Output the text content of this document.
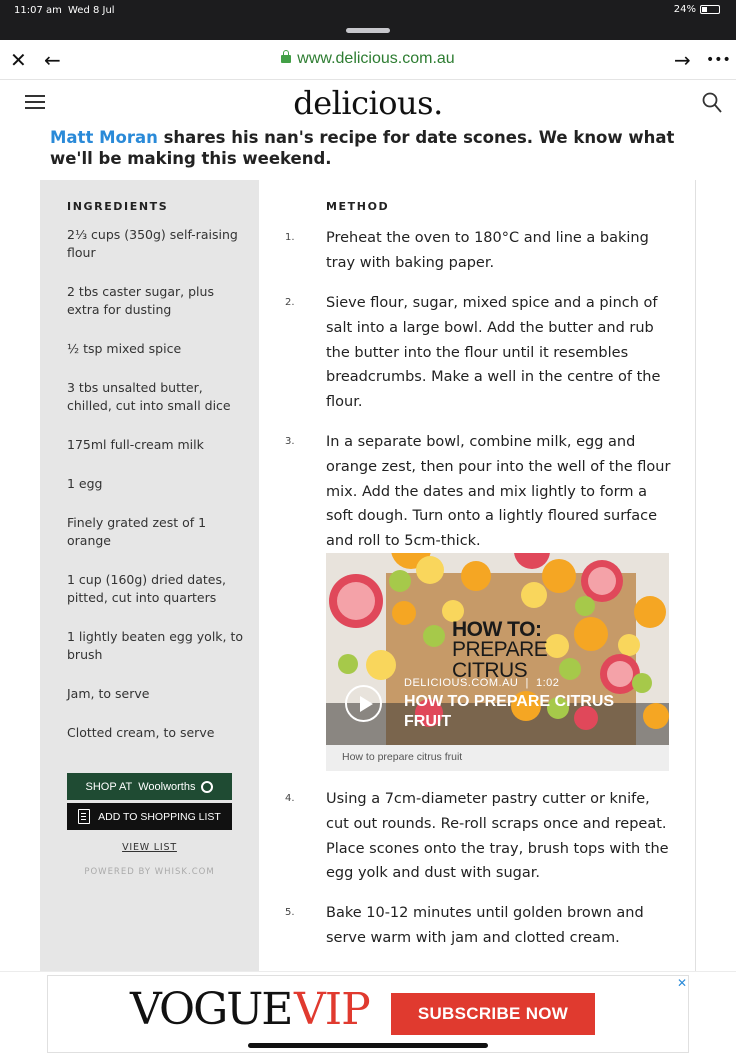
11:07 am Wed 8 Jul	24%
✕ ←	www.delicious.com.au	→ •••
delicious.
Matt Moran shares his nan's recipe for date scones. We know what we'll be making this weekend.
INGREDIENTS
2⅓ cups (350g) self-raising flour
2 tbs caster sugar, plus extra for dusting
½ tsp mixed spice
3 tbs unsalted butter, chilled, cut into small dice
175ml full-cream milk
1 egg
Finely grated zest of 1 orange
1 cup (160g) dried dates, pitted, cut into quarters
1 lightly beaten egg yolk, to brush
Jam, to serve
Clotted cream, to serve
SHOP AT Woolworths
ADD TO SHOPPING LIST
VIEW LIST
POWERED BY WHISK.COM
METHOD
1. Preheat the oven to 180°C and line a baking tray with baking paper.
2. Sieve flour, sugar, mixed spice and a pinch of salt into a large bowl. Add the butter and rub the butter into the flour until it resembles breadcrumbs. Make a well in the centre of the flour.
3. In a separate bowl, combine milk, egg and orange zest, then pour into the well of the flour mix. Add the dates and mix lightly to form a soft dough. Turn onto a lightly floured surface and roll to 5cm-thick.
HOW TO:
PREPARE CITRUS
DELICIOUS.COM.AU  |  1:02
HOW TO PREPARE CITRUS FRUIT
How to prepare citrus fruit
4. Using a 7cm-diameter pastry cutter or knife, cut out rounds. Re-roll scraps once and repeat. Place scones onto the tray, brush tops with the egg yolk and dust with sugar.
5. Bake 10-12 minutes until golden brown and serve warm with jam and clotted cream.
VOGUE VIP	SUBSCRIBE NOW
✕
